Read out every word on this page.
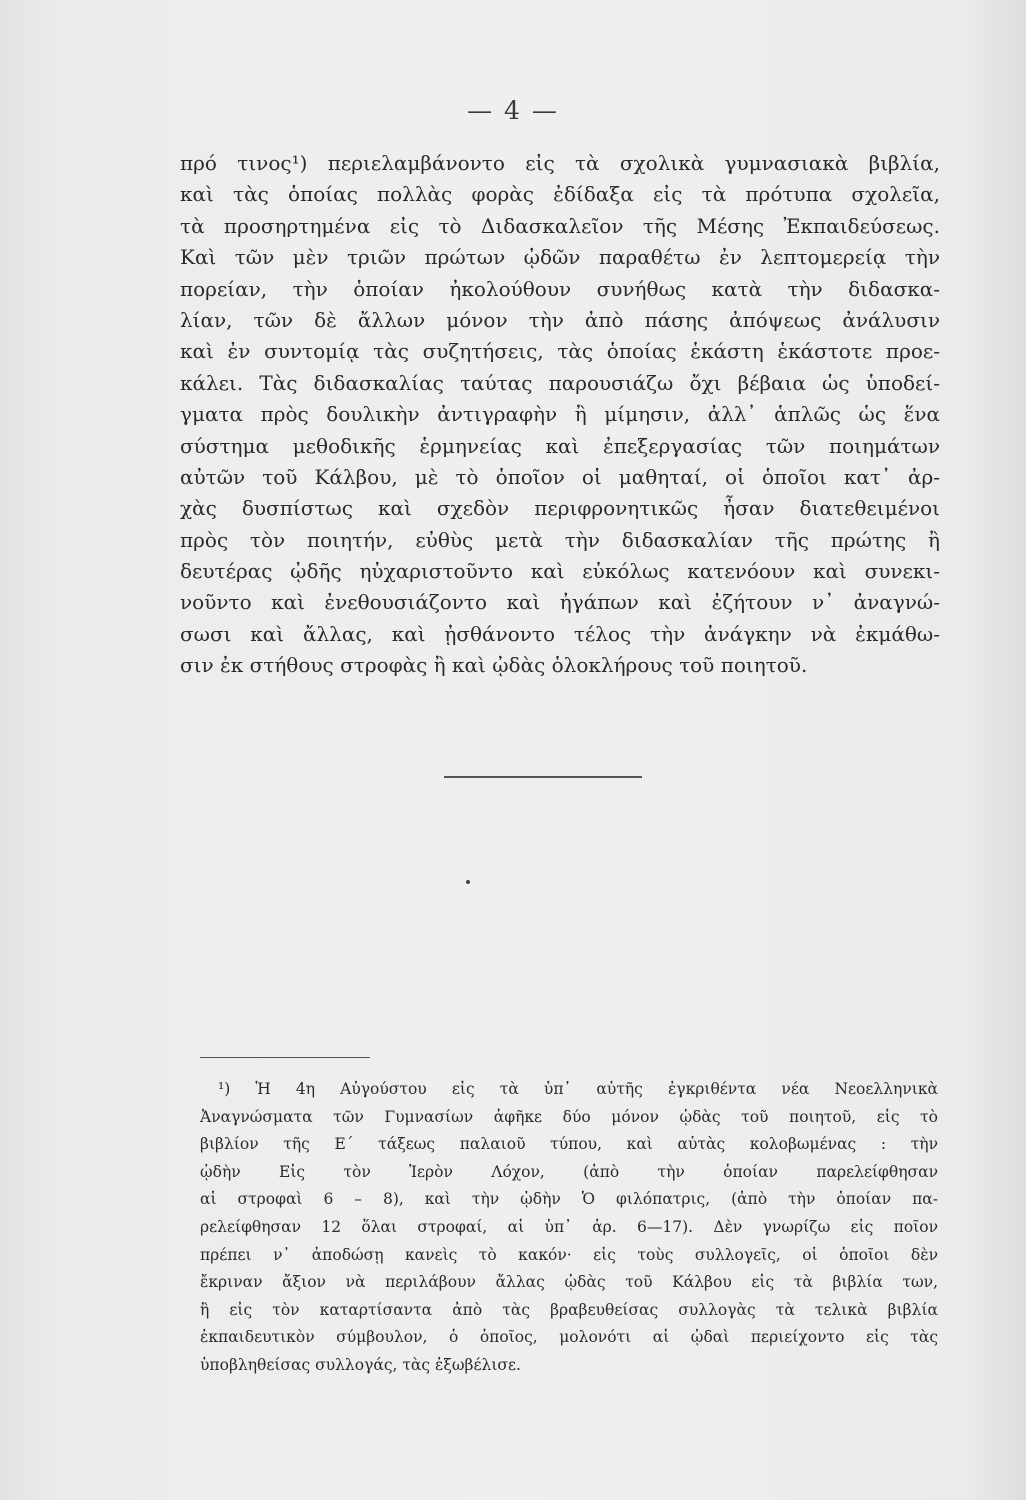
— 4 —
πρό τινος¹) περιελαμβάνοντο εἰς τὰ σχολικὰ γυμνασιακὰ βιβλία,
καὶ τὰς ὁποίας πολλὰς φορὰς ἐδίδαξα εἰς τὰ πρότυπα σχολεῖα,
τὰ προσηρτημένα εἰς τὸ Διδασκαλεῖον τῆς Μέσης Ἐκπαιδεύσεως.
Καὶ τῶν μὲν τριῶν πρώτων ᾠδῶν παραθέτω ἐν λεπτομερείᾳ τὴν
πορείαν, τὴν ὁποίαν ἠκολούθουν συνήθως κατὰ τὴν διδασκα-
λίαν, τῶν δὲ ἄλλων μόνον τὴν ἀπὸ πάσης ἀπόψεως ἀνάλυσιν
καὶ ἐν συντομίᾳ τὰς συζητήσεις, τὰς ὁποίας ἑκάστη ἑκάστοτε προε-
κάλει. Τὰς διδασκαλίας ταύτας παρουσιάζω ὄχι βέβαια ὡς ὑποδεί-
γματα πρὸς δουλικὴν ἀντιγραφὴν ἢ μίμησιν, ἀλλ᾽ ἁπλῶς ὡς ἕνα
σύστημα μεθοδικῆς ἑρμηνείας καὶ ἐπεξεργασίας τῶν ποιημάτων
αὐτῶν τοῦ Κάλβου, μὲ τὸ ὁποῖον οἱ μαθηταί, οἱ ὁποῖοι κατ᾽ ἀρ-
χὰς δυσπίστως καὶ σχεδὸν περιφρονητικῶς ἦσαν διατεθειμένοι
πρὸς τὸν ποιητήν, εὐθὺς μετὰ τὴν διδασκαλίαν τῆς πρώτης ἢ
δευτέρας ᾠδῆς ηὐχαριστοῦντο καὶ εὐκόλως κατενόουν καὶ συνεκι-
νοῦντο καὶ ἐνεθουσιάζοντο καὶ ἠγάπων καὶ ἐζήτουν ν᾽ ἀναγνώ-
σωσι καὶ ἄλλας, καὶ ᾐσθάνοντο τέλος τὴν ἀνάγκην νὰ ἐκμάθω-
σιν ἐκ στήθους στροφὰς ἢ καὶ ᾠδὰς ὁλοκλήρους τοῦ ποιητοῦ.
¹) Ἡ 4η Αὐγούστου εἰς τὰ ὑπ᾽ αὐτῆς ἐγκριθέντα νέα Νεοελληνικὰ
Ἀναγνώσματα τῶν Γυμνασίων ἀφῆκε δύο μόνον ᾠδὰς τοῦ ποιητοῦ, εἰς τὸ
βιβλίον τῆς Ε΄ τάξεως παλαιοῦ τύπου, καὶ αὐτὰς κολοβωμένας : τὴν
ᾠδὴν Εἰς τὸν Ἱερὸν Λόχον, (ἀπὸ τὴν ὁποίαν παρελείφθησαν
αἱ στροφαὶ 6 – 8), καὶ τὴν ᾠδὴν Ὁ φιλόπατρις, (ἀπὸ τὴν ὁποίαν πα-
ρελείφθησαν 12 ὅλαι στροφαί, αἱ ὑπ᾽ ἀρ. 6—17). Δὲν γνωρίζω εἰς ποῖον
πρέπει ν᾽ ἀποδώσῃ κανεὶς τὸ κακόν· εἰς τοὺς συλλογεῖς, οἱ ὁποῖοι δὲν
ἔκριναν ἄξιον νὰ περιλάβουν ἄλλας ᾠδὰς τοῦ Κάλβου εἰς τὰ βιβλία των,
ἢ εἰς τὸν καταρτίσαντα ἀπὸ τὰς βραβευθείσας συλλογὰς τὰ τελικὰ βιβλία
ἐκπαιδευτικὸν σύμβουλον, ὁ ὁποῖος, μολονότι αἱ ᾠδαὶ περιείχοντο εἰς τὰς
ὑποβληθείσας συλλογάς, τὰς ἐξωβέλισε.
